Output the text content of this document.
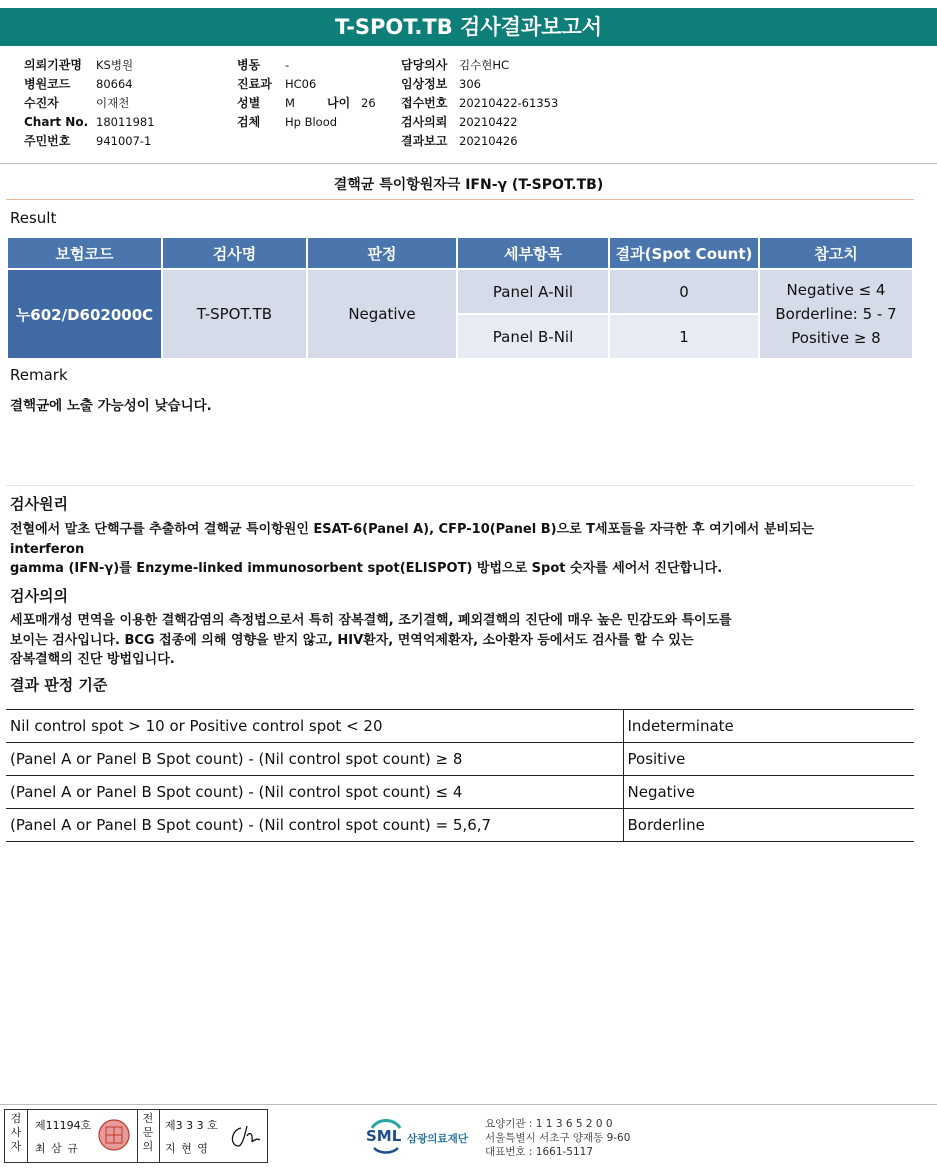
T-SPOT.TB 검사결과보고서
의뢰기관명 KS병원
병원코드 80664
수진자	이재천
Chart No. 18011981
주민번호 941007-1
병동 -
진료과 HC06
성별 M	나이 26
검체 Hp Blood
담당의사 김수현HC
임상정보 306
접수번호 20210422-61353
검사의뢰 20210422
결과보고 20210426
결핵균 특이항원자극 IFN-γ (T-SPOT.TB)
Result
보험코드	검사명	판정	세부항목	결과(Spot Count)	참고치
누602/D602000C	T-SPOT.TB	Negative	Panel A-Nil	0	Negative ≤ 4
Borderline: 5 - 7
Positive ≥ 8

			Panel B-Nil	1	
Remark
결핵균에 노출 가능성이 낮습니다.
검사원리
전혈에서 말초 단핵구를 추출하여 결핵균 특이항원인 ESAT-6(Panel A), CFP-10(Panel B)으로 T세포들을 자극한 후 여기에서 분비되는
interferon
gamma (IFN-γ)를 Enzyme-linked immunosorbent spot(ELISPOT) 방법으로 Spot 숫자를 세어서 진단합니다.
검사의의
세포매개성 면역을 이용한 결핵감염의 측정법으로서 특히 잠복결핵, 조기결핵, 폐외결핵의 진단에 매우 높은 민감도와 특이도를
보이는 검사입니다. BCG 접종에 의해 영향을 받지 않고, HIV환자, 면역억제환자, 소아환자 등에서도 검사를 할 수 있는
잠복결핵의 진단 방법입니다.
결과 판정 기준
Nil control spot > 10 or Positive control spot < 20	Indeterminate
(Panel A or Panel B Spot count) - (Nil control spot count) ≥ 8	Positive
(Panel A or Panel B Spot count) - (Nil control spot count) ≤ 4	Negative
(Panel A or Panel B Spot count) - (Nil control spot count) = 5,6,7	Borderline
검사자
제11194호
최 삼 규
전문의
제3 3 3 호
지 현 영
SML 삼광의료재단
요양기관 : 1 1 3 6 5 2 0 0
서울특별시 서초구 양재동 9-60
대표번호 : 1661-5117
